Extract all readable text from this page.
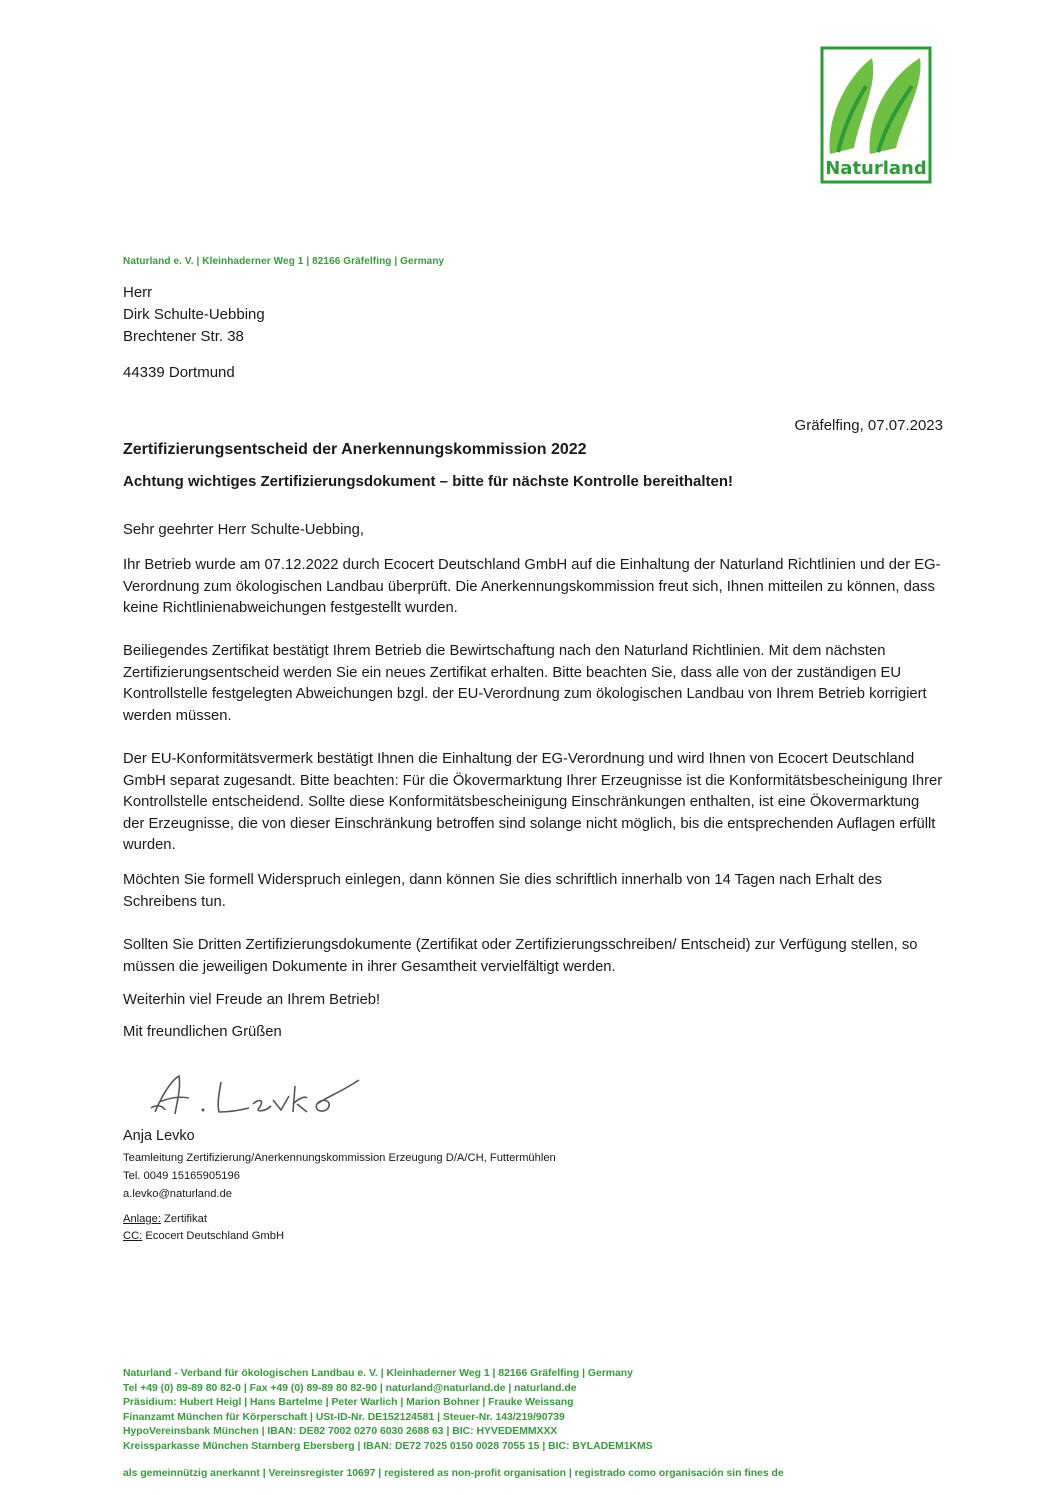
Naturland
Naturland e. V. | Kleinhaderner Weg 1 | 82166 Gräfelfing | Germany
Herr
Dirk Schulte-Uebbing
Brechtener Str. 38
44339 Dortmund
Gräfelfing, 07.07.2023
Zertifizierungsentscheid der Anerkennungskommission 2022
Achtung wichtiges Zertifizierungsdokument – bitte für nächste Kontrolle bereithalten!
Sehr geehrter Herr Schulte-Uebbing,
Ihr Betrieb wurde am 07.12.2022 durch Ecocert Deutschland GmbH auf die Einhaltung der Naturland Richtlinien und der EG-Verordnung zum ökologischen Landbau überprüft. Die Anerkennungskommission freut sich, Ihnen mitteilen zu können, dass keine Richtlinienabweichungen festgestellt wurden.
Beiliegendes Zertifikat bestätigt Ihrem Betrieb die Bewirtschaftung nach den Naturland Richtlinien. Mit dem nächsten Zertifizierungsentscheid werden Sie ein neues Zertifikat erhalten. Bitte beachten Sie, dass alle von der zuständigen EU Kontrollstelle festgelegten Abweichungen bzgl. der EU-Verordnung zum ökologischen Landbau von Ihrem Betrieb korrigiert werden müssen.
Der EU-Konformitätsvermerk bestätigt Ihnen die Einhaltung der EG-Verordnung und wird Ihnen von Ecocert Deutschland GmbH separat zugesandt. Bitte beachten: Für die Ökovermarktung Ihrer Erzeugnisse ist die Konformitätsbescheinigung Ihrer Kontrollstelle entscheidend. Sollte diese Konformitätsbescheinigung Einschränkungen enthalten, ist eine Ökovermarktung der Erzeugnisse, die von dieser Einschränkung betroffen sind solange nicht möglich, bis die entsprechenden Auflagen erfüllt wurden.
Möchten Sie formell Widerspruch einlegen, dann können Sie dies schriftlich innerhalb von 14 Tagen nach Erhalt des Schreibens tun.
Sollten Sie Dritten Zertifizierungsdokumente (Zertifikat oder Zertifizierungsschreiben/ Entscheid) zur Verfügung stellen, so müssen die jeweiligen Dokumente in ihrer Gesamtheit vervielfältigt werden.
Weiterhin viel Freude an Ihrem Betrieb!
Mit freundlichen Grüßen
Anja Levko
Teamleitung Zertifizierung/Anerkennungskommission Erzeugung D/A/CH, Futtermühlen
Tel. 0049 15165905196
a.levko@naturland.de
Anlage: Zertifikat
CC: Ecocert Deutschland GmbH
Naturland - Verband für ökologischen Landbau e. V. | Kleinhaderner Weg 1 | 82166 Gräfelfing | Germany
Tel +49 (0) 89-89 80 82-0 | Fax +49 (0) 89-89 80 82-90 | naturland@naturland.de | naturland.de
Präsidium: Hubert Heigl | Hans Bartelme | Peter Warlich | Marion Bohner | Frauke Weissang
Finanzamt München für Körperschaft | USt-ID-Nr. DE152124581 | Steuer-Nr. 143/219/90739
HypoVereinsbank München | IBAN: DE82 7002 0270 6030 2688 63 | BIC: HYVEDEMMXXX
Kreissparkasse München Starnberg Ebersberg | IBAN: DE72 7025 0150 0028 7055 15 | BIC: BYLADEM1KMS
als gemeinnützig anerkannt | Vereinsregister 10697 | registered as non-profit organisation | registrado como organisación sin fines de
